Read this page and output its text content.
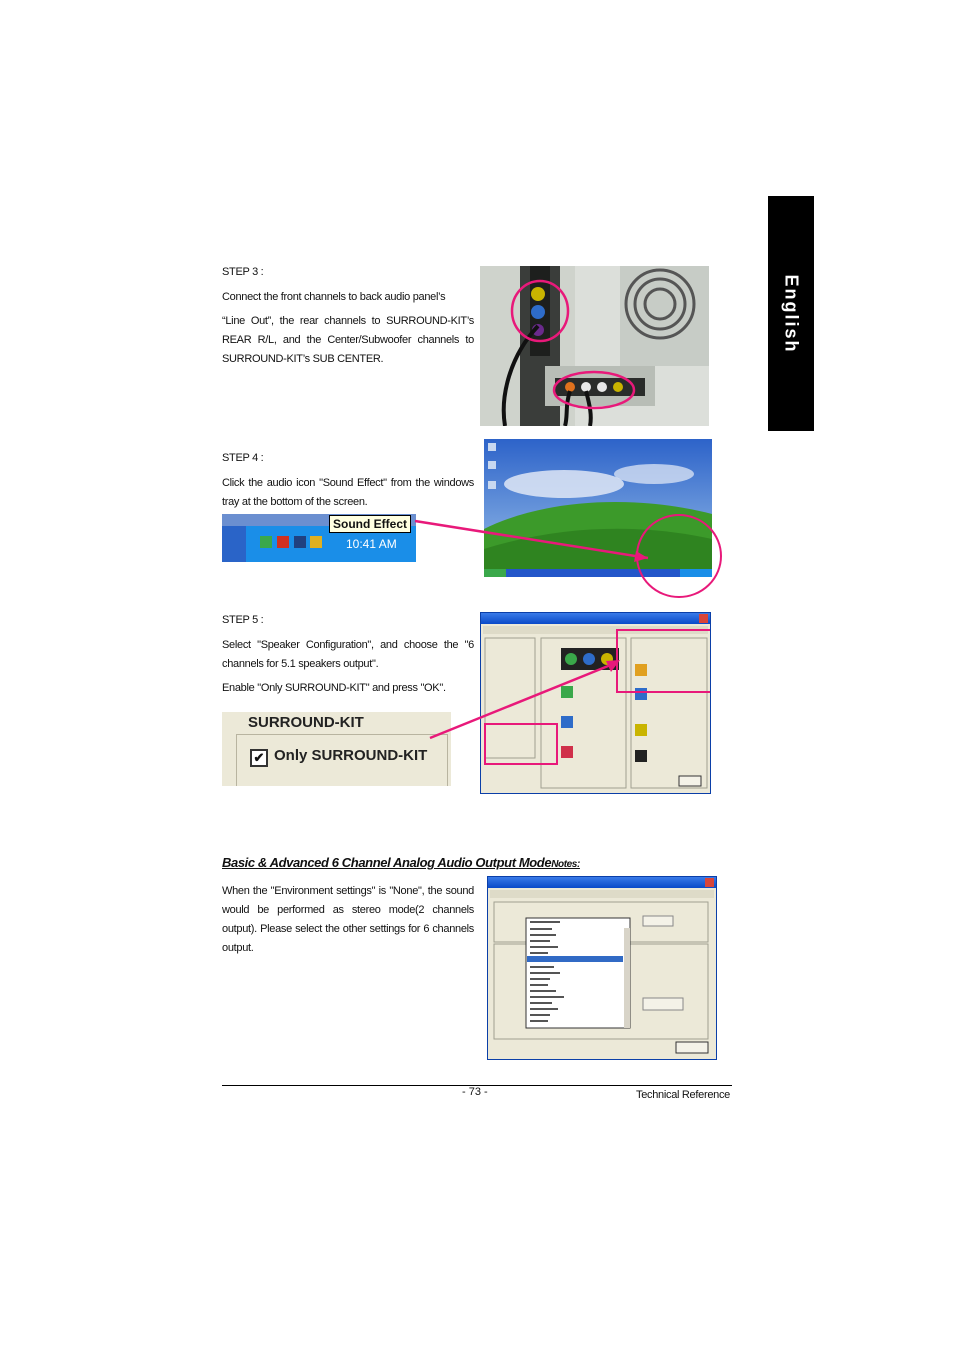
English
STEP 3 :
Connect the front channels to back audio panel’s
“Line Out”, the rear channels to SURROUND-KIT’s REAR R/L, and the Center/Subwoofer channels to SURROUND-KIT’s SUB CENTER.
STEP 4 :
Click the audio icon "Sound Effect" from the windows tray at the bottom of the screen.
Sound Effect
10:41 AM
STEP 5 :
Select "Speaker Configuration", and choose the "6 channels for 5.1 speakers output".
Enable "Only SURROUND-KIT" and press "OK".
SURROUND-KIT
✔ Only SURROUND-KIT
Basic & Advanced 6 Channel Analog Audio Output ModeNotes:
When the "Environment settings" is "None", the sound would be performed as stereo mode(2 channels output). Please select the other settings for 6 channels output.
- 73 -	Technical Reference
